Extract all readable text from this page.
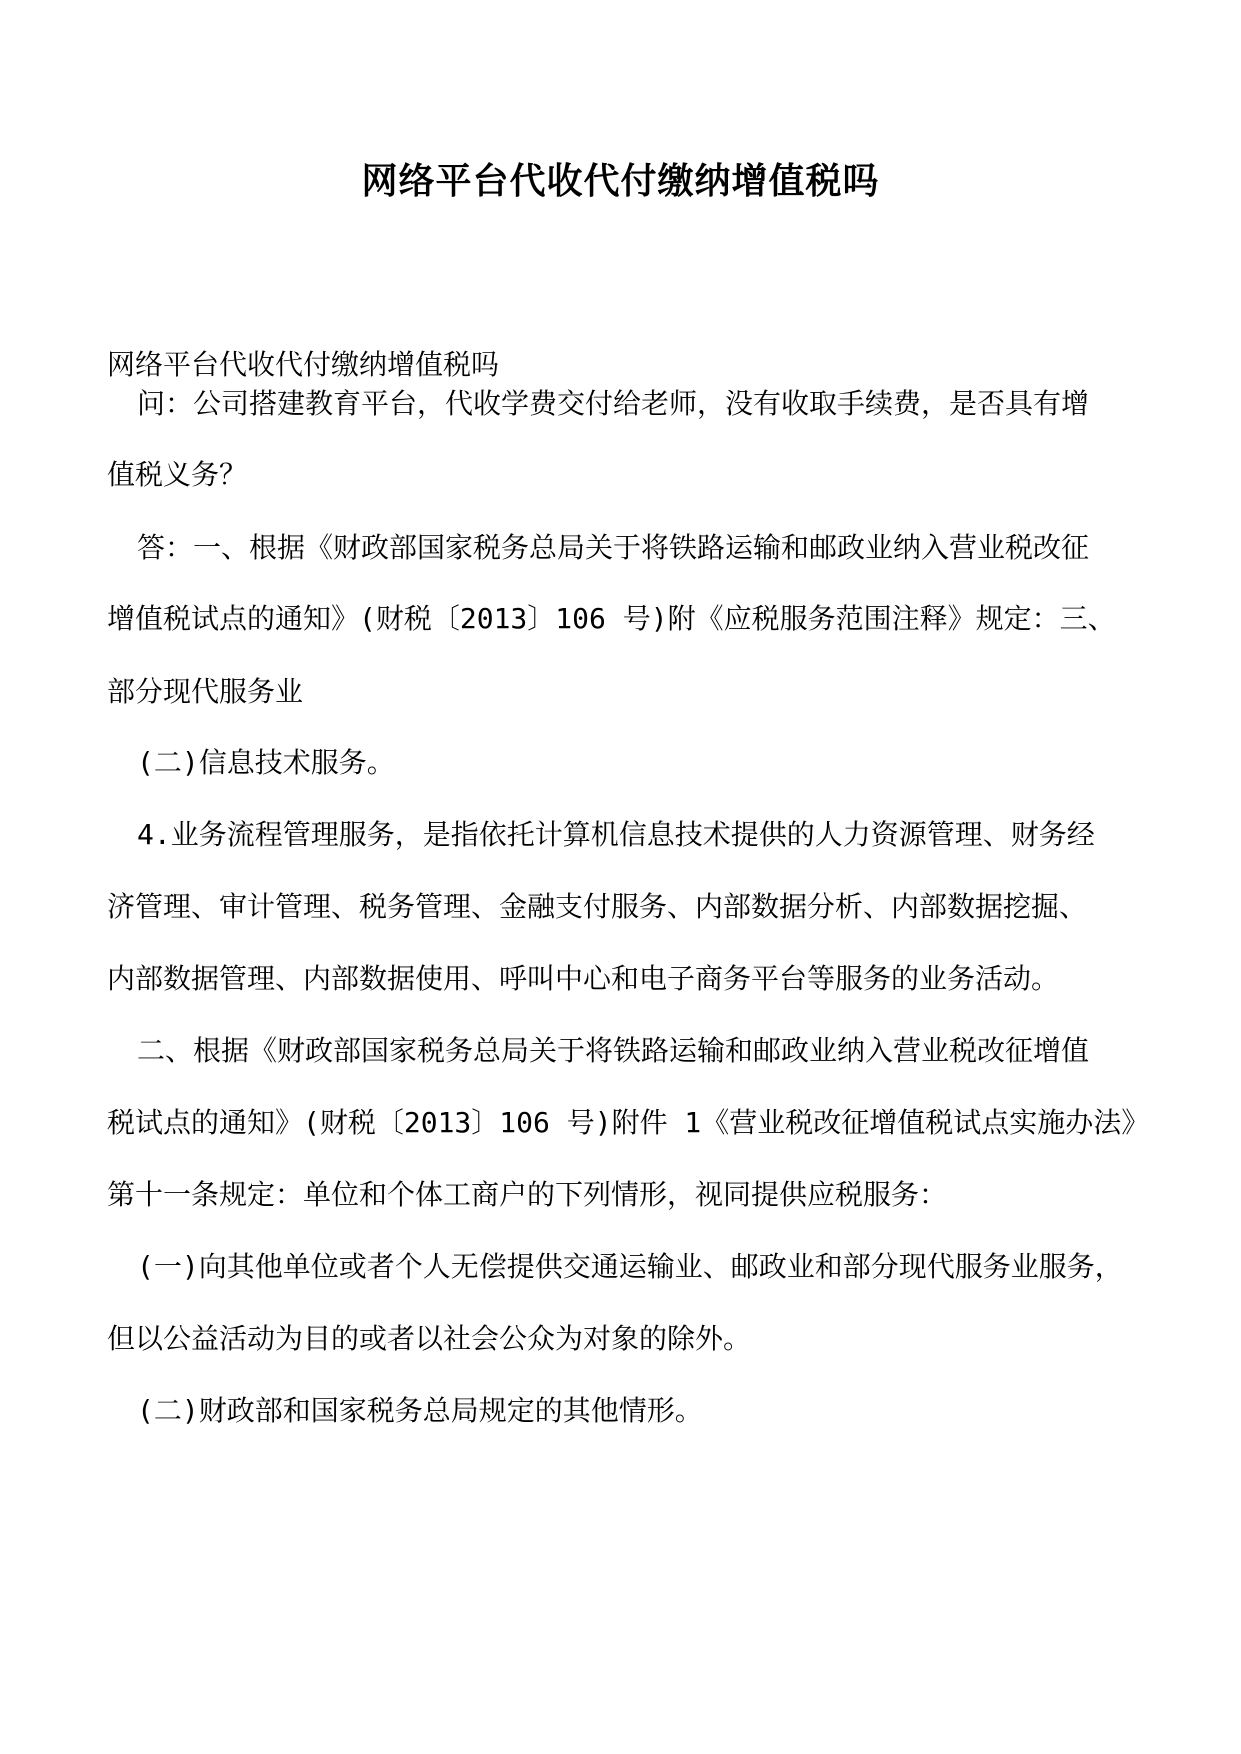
网络平台代收代付缴纳增值税吗

网络平台代收代付缴纳增值税吗

问：公司搭建教育平台，代收学费交付给老师，没有收取手续费，是否具有增

值税义务？

答：一、根据《财政部国家税务总局关于将铁路运输和邮政业纳入营业税改征

增值税试点的通知》(财税〔2013〕106 号)附《应税服务范围注释》规定：三、

部分现代服务业

(二)信息技术服务。

4.业务流程管理服务，是指依托计算机信息技术提供的人力资源管理、财务经

济管理、审计管理、税务管理、金融支付服务、内部数据分析、内部数据挖掘、

内部数据管理、内部数据使用、呼叫中心和电子商务平台等服务的业务活动。

二、根据《财政部国家税务总局关于将铁路运输和邮政业纳入营业税改征增值

税试点的通知》(财税〔2013〕106 号)附件 1《营业税改征增值税试点实施办法》

第十一条规定：单位和个体工商户的下列情形，视同提供应税服务：

(一)向其他单位或者个人无偿提供交通运输业、邮政业和部分现代服务业服务，

但以公益活动为目的或者以社会公众为对象的除外。

(二)财政部和国家税务总局规定的其他情形。
